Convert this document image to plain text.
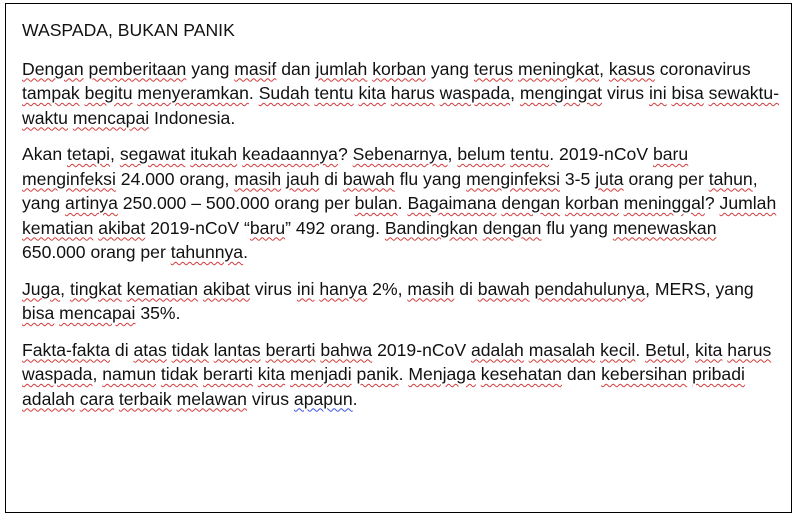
WASPADA, BUKAN PANIK

Dengan pemberitaan yang masif dan jumlah korban yang terus meningkat, kasus coronavirus tampak begitu menyeramkan. Sudah tentu kita harus waspada, mengingat virus ini bisa sewaktu-waktu mencapai Indonesia.

Akan tetapi, segawat itukah keadaannya? Sebenarnya, belum tentu. 2019-nCoV baru menginfeksi 24.000 orang, masih jauh di bawah flu yang menginfeksi 3-5 juta orang per tahun, yang artinya 250.000 – 500.000 orang per bulan. Bagaimana dengan korban meninggal? Jumlah kematian akibat 2019-nCoV “baru” 492 orang. Bandingkan dengan flu yang menewaskan 650.000 orang per tahunnya.

Juga, tingkat kematian akibat virus ini hanya 2%, masih di bawah pendahulunya, MERS, yang bisa mencapai 35%.

Fakta-fakta di atas tidak lantas berarti bahwa 2019-nCoV adalah masalah kecil. Betul, kita harus waspada, namun tidak berarti kita menjadi panik. Menjaga kesehatan dan kebersihan pribadi adalah cara terbaik melawan virus apapun.
